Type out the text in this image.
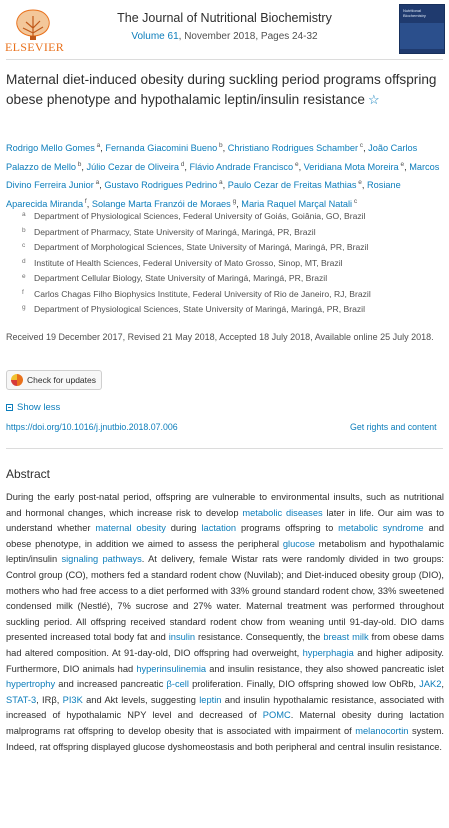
ELSEVIER
The Journal of Nutritional Biochemistry
Volume 61, November 2018, Pages 24-32
Nutritional Biochemistry
Maternal diet-induced obesity during suckling period programs offspring obese phenotype and hypothalamic leptin/insulin resistance ☆
Rodrigo Mello Gomes $^a$, Fernanda Giacomini Bueno $^b$, Christiano Rodrigues Schamber $^c$, João Carlos Palazzo de Mello $^b$, Júlio Cezar de Oliveira $^d$, Flávio Andrade Francisco $^e$, Veridiana Mota Moreira $^e$, Marcos Divino Ferreira Junior $^a$, Gustavo Rodrigues Pedrino $^a$, Paulo Cezar de Freitas Mathias $^e$, Rosiane Aparecida Miranda $^f$, Solange Marta Franzói de Moraes $^g$, Maria Raquel Marçal Natali $^c$
a Department of Physiological Sciences, Federal University of Goiás, Goiânia, GO, Brazil
b Department of Pharmacy, State University of Maringá, Maringá, PR, Brazil
c	Department of Morphological Sciences, State University of Maringá, Maringá, PR, Brazil
d Institute of Health Sciences, Federal University of Mato Grosso, Sinop, MT, Brazil
e Department Cellular Biology, State University of Maringá, Maringá, PR, Brazil
f	Carlos Chagas Filho Biophysics Institute, Federal University of Rio de Janeiro, RJ, Brazil
g Department of Physiological Sciences, State University of Maringá, Maringá, PR, Brazil
Received 19 December 2017, Revised 21 May 2018, Accepted 18 July 2018, Available online 25 July 2018.
Check for updates
Show less
https://doi.org/10.1016/j.jnutbio.2018.07.006	Get rights and content
Abstract
During the early post-natal period, offspring are vulnerable to environmental insults, such as nutritional and hormonal changes, which increase risk to develop metabolic diseases later in life. Our aim was to understand whether maternal obesity during lactation programs offspring to metabolic syndrome and obese phenotype, in addition we aimed to assess the peripheral glucose metabolism and hypothalamic leptin/insulin signaling pathways. At delivery, female Wistar rats were randomly divided in two groups: Control group (CO), mothers fed a standard rodent chow (Nuvilab); and Diet-induced obesity group (DIO), mothers who had free access to a diet performed with 33% ground standard rodent chow, 33% sweetened condensed milk (Nestlé), 7% sucrose and 27% water. Maternal treatment was performed throughout suckling period. All offspring received standard rodent chow from weaning until 91-day-old. DIO dams presented increased total body fat and insulin resistance. Consequently, the breast milk from obese dams had altered composition. At 91-day-old, DIO offspring had overweight, hyperphagia and higher adiposity. Furthermore, DIO animals had hyperinsulinemia and insulin resistance, they also showed pancreatic islet hypertrophy and increased pancreatic β-cell proliferation. Finally, DIO offspring showed low ObRb, JAK2, STAT-3, IRβ, PI3K and Akt levels, suggesting leptin and insulin hypothalamic resistance, associated with increased of hypothalamic NPY level and decreased of POMC. Maternal obesity during lactation malprograms rat offspring to develop obesity that is associated with impairment of melanocortin system. Indeed, rat offspring displayed glucose dyshomeostasis and both peripheral and central insulin resistance.
